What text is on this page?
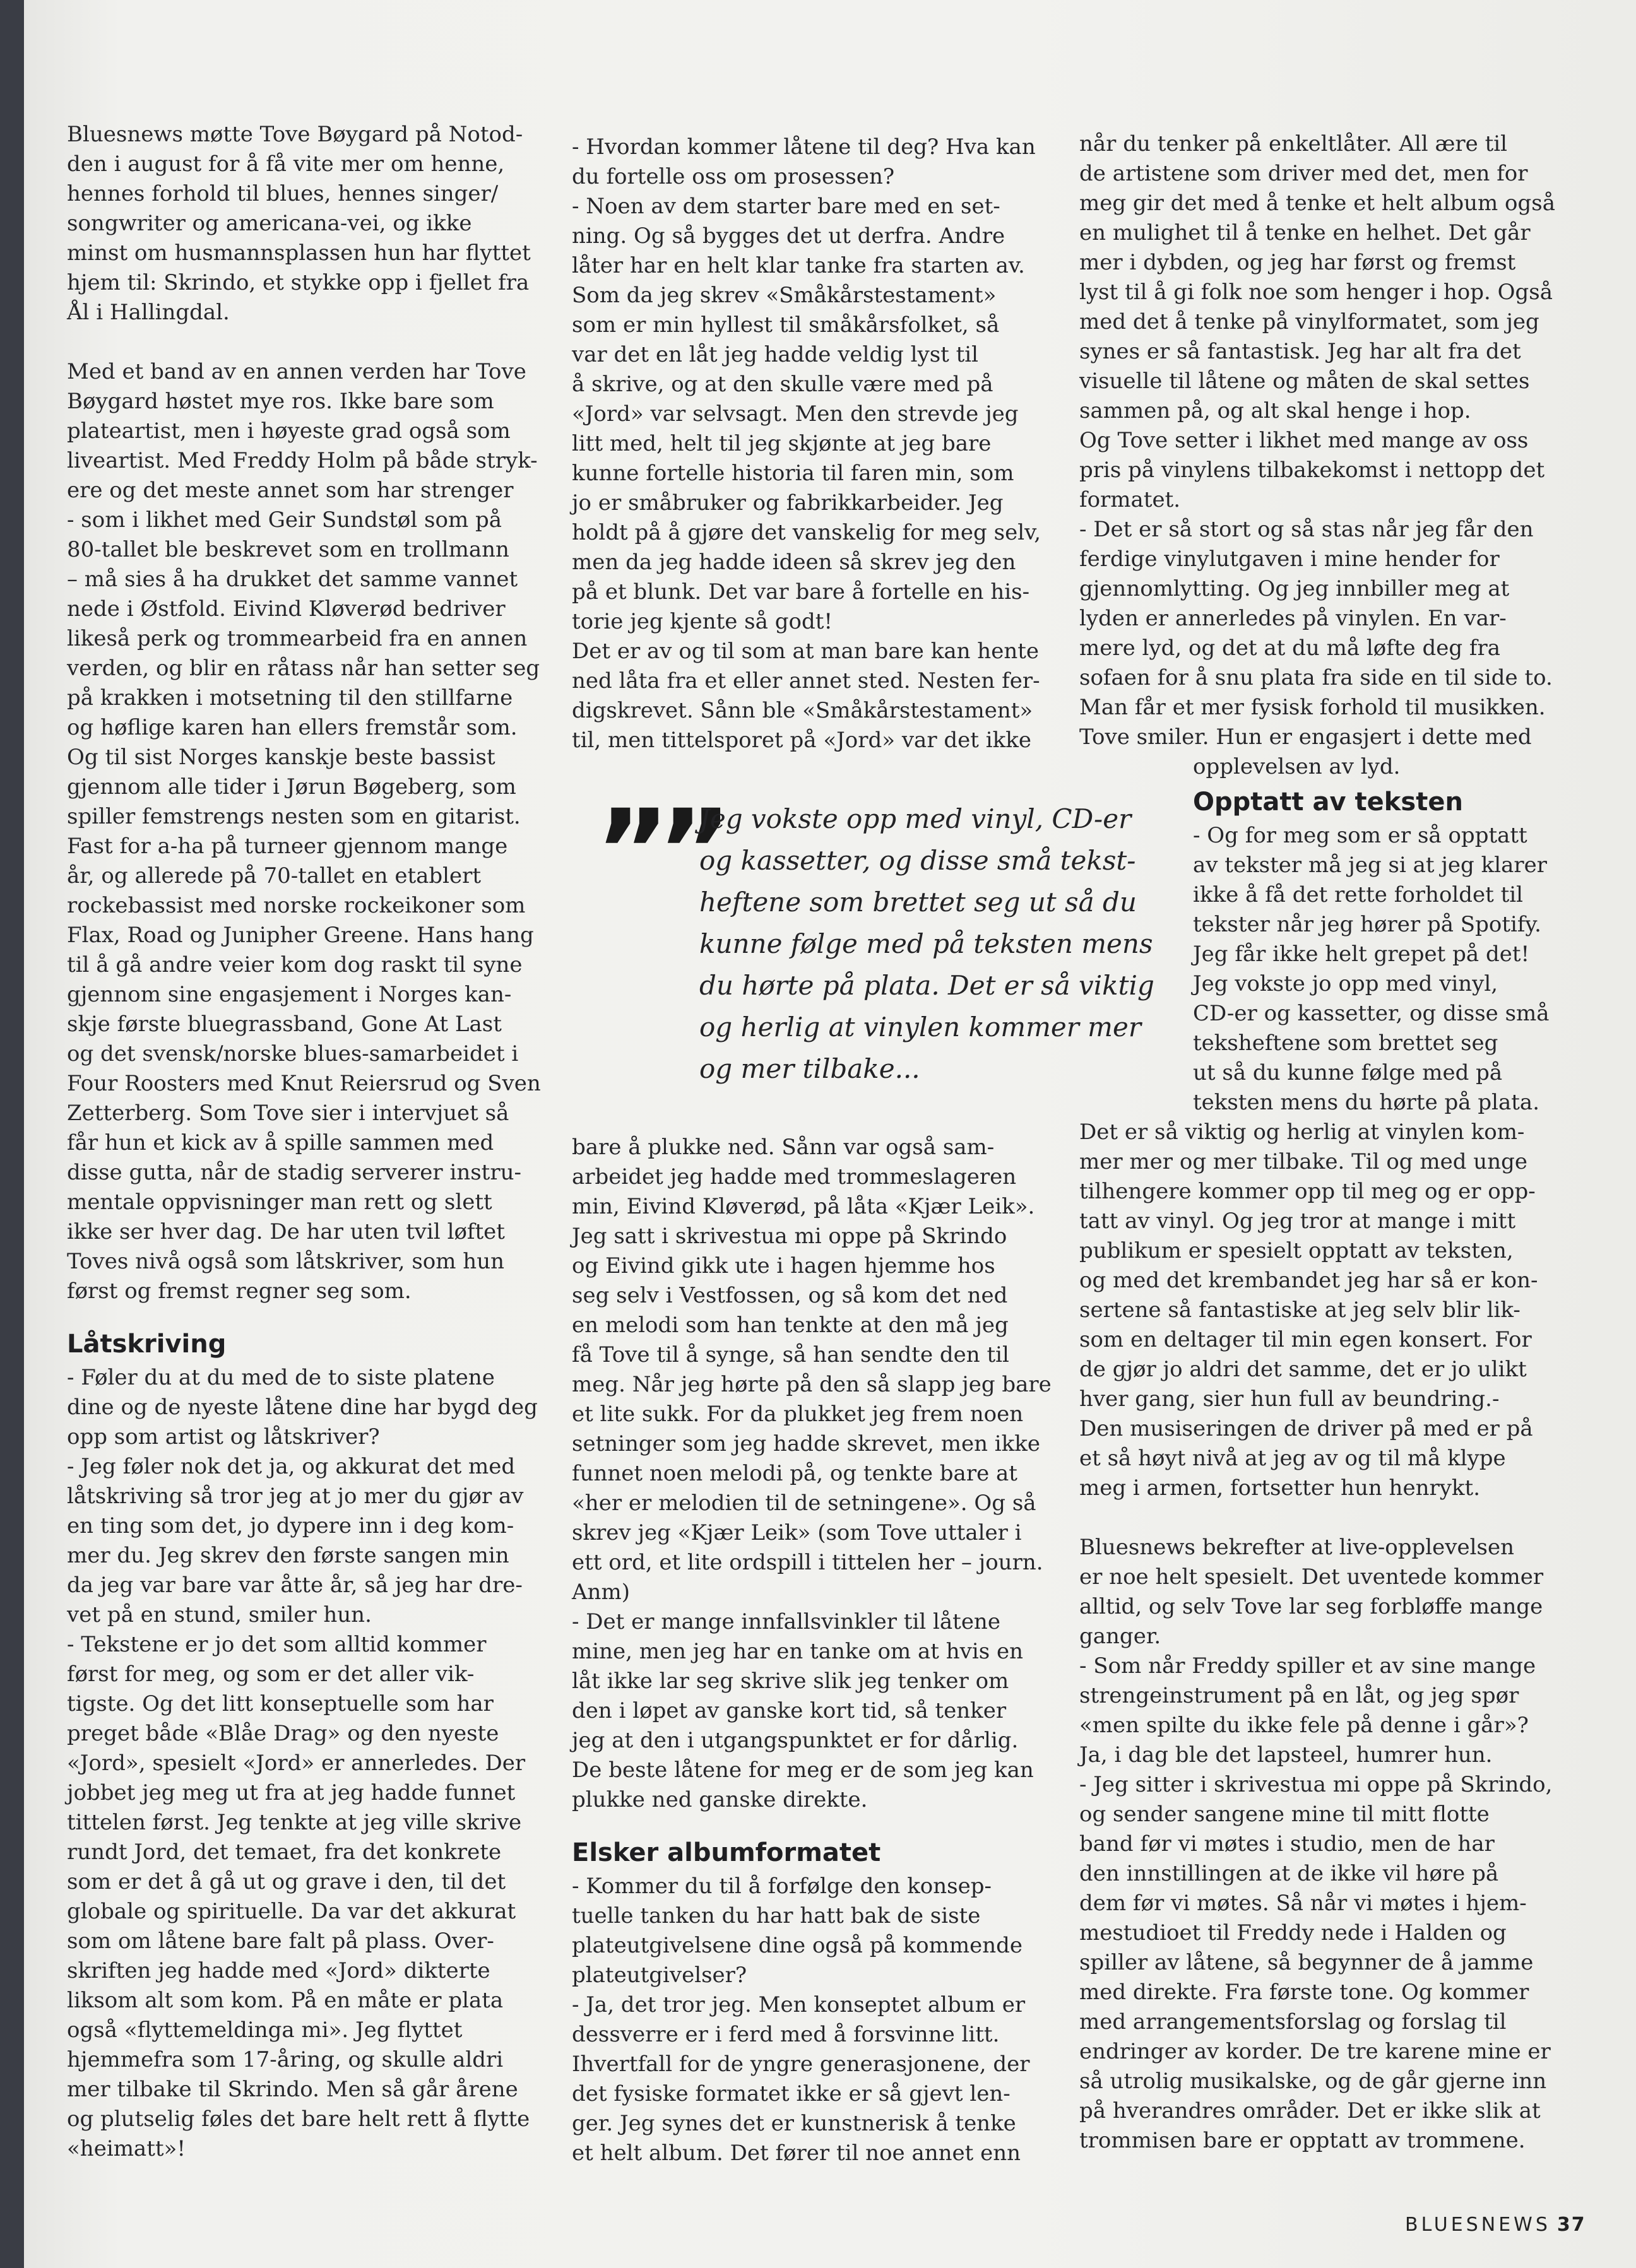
Bluesnews møtte Tove Bøygard på Notod-
den i august for å få vite mer om henne,
hennes forhold til blues, hennes singer/
songwriter og americana-vei, og ikke
minst om husmannsplassen hun har flyttet
hjem til: Skrindo, et stykke opp i fjellet fra
Ål i Hallingdal.

Med et band av en annen verden har Tove
Bøygard høstet mye ros. Ikke bare som
plateartist, men i høyeste grad også som
liveartist. Med Freddy Holm på både stryk-
ere og det meste annet som har strenger
- som i likhet med Geir Sundstøl som på
80-tallet ble beskrevet som en trollmann
– må sies å ha drukket det samme vannet
nede i Østfold. Eivind Kløverød bedriver
likeså perk og trommearbeid fra en annen
verden, og blir en råtass når han setter seg
på krakken i motsetning til den stillfarne
og høflige karen han ellers fremstår som.
Og til sist Norges kanskje beste bassist
gjennom alle tider i Jørun Bøgeberg, som
spiller femstrengs nesten som en gitarist.
Fast for a-ha på turneer gjennom mange
år, og allerede på 70-tallet en etablert
rockebassist med norske rockeikoner som
Flax, Road og Junipher Greene. Hans hang
til å gå andre veier kom dog raskt til syne
gjennom sine engasjement i Norges kan-
skje første bluegrassband, Gone At Last
og det svensk/norske blues-samarbeidet i
Four Roosters med Knut Reiersrud og Sven
Zetterberg. Som Tove sier i intervjuet så
får hun et kick av å spille sammen med
disse gutta, når de stadig serverer instru-
mentale oppvisninger man rett og slett
ikke ser hver dag. De har uten tvil løftet
Toves nivå også som låtskriver, som hun
først og fremst regner seg som.

Låtskriving

- Føler du at du med de to siste platene
dine og de nyeste låtene dine har bygd deg
opp som artist og låtskriver?
- Jeg føler nok det ja, og akkurat det med
låtskriving så tror jeg at jo mer du gjør av
en ting som det, jo dypere inn i deg kom-
mer du. Jeg skrev den første sangen min
da jeg var bare var åtte år, så jeg har dre-
vet på en stund, smiler hun.
- Tekstene er jo det som alltid kommer
først for meg, og som er det aller vik-
tigste. Og det litt konseptuelle som har
preget både «Blåe Drag» og den nyeste
«Jord», spesielt «Jord» er annerledes. Der
jobbet jeg meg ut fra at jeg hadde funnet
tittelen først. Jeg tenkte at jeg ville skrive
rundt Jord, det temaet, fra det konkrete
som er det å gå ut og grave i den, til det
globale og spirituelle. Da var det akkurat
som om låtene bare falt på plass. Over-
skriften jeg hadde med «Jord» dikterte
liksom alt som kom. På en måte er plata
også «flyttemeldinga mi». Jeg flyttet
hjemmefra som 17-åring, og skulle aldri
mer tilbake til Skrindo. Men så går årene
og plutselig føles det bare helt rett å flytte
«heimatt»!

- Hvordan kommer låtene til deg? Hva kan
du fortelle oss om prosessen?
- Noen av dem starter bare med en set-
ning. Og så bygges det ut derfra. Andre
låter har en helt klar tanke fra starten av.
Som da jeg skrev «Småkårstestament»
som er min hyllest til småkårsfolket, så
var det en låt jeg hadde veldig lyst til
å skrive, og at den skulle være med på
«Jord» var selvsagt. Men den strevde jeg
litt med, helt til jeg skjønte at jeg bare
kunne fortelle historia til faren min, som
jo er småbruker og fabrikkarbeider. Jeg
holdt på å gjøre det vanskelig for meg selv,
men da jeg hadde ideen så skrev jeg den
på et blunk. Det var bare å fortelle en his-
torie jeg kjente så godt!
Det er av og til som at man bare kan hente
ned låta fra et eller annet sted. Nesten fer-
digskrevet. Sånn ble «Småkårstestament»
til, men tittelsporet på «Jord» var det ikke

””
Jeg vokste opp med vinyl, CD-er
og kassetter, og disse små tekst-
heftene som brettet seg ut så du
kunne følge med på teksten mens
du hørte på plata. Det er så viktig
og herlig at vinylen kommer mer
og mer tilbake...

bare å plukke ned. Sånn var også sam-
arbeidet jeg hadde med trommeslageren
min, Eivind Kløverød, på låta «Kjær Leik».
Jeg satt i skrivestua mi oppe på Skrindo
og Eivind gikk ute i hagen hjemme hos
seg selv i Vestfossen, og så kom det ned
en melodi som han tenkte at den må jeg
få Tove til å synge, så han sendte den til
meg. Når jeg hørte på den så slapp jeg bare
et lite sukk. For da plukket jeg frem noen
setninger som jeg hadde skrevet, men ikke
funnet noen melodi på, og tenkte bare at
«her er melodien til de setningene». Og så
skrev jeg «Kjær Leik» (som Tove uttaler i
ett ord, et lite ordspill i tittelen her – journ.
Anm)
- Det er mange innfallsvinkler til låtene
mine, men jeg har en tanke om at hvis en
låt ikke lar seg skrive slik jeg tenker om
den i løpet av ganske kort tid, så tenker
jeg at den i utgangspunktet er for dårlig.
De beste låtene for meg er de som jeg kan
plukke ned ganske direkte.

Elsker albumformatet

- Kommer du til å forfølge den konsep-
tuelle tanken du har hatt bak de siste
plateutgivelsene dine også på kommende
plateutgivelser?
- Ja, det tror jeg. Men konseptet album er
dessverre er i ferd med å forsvinne litt.
Ihvertfall for de yngre generasjonene, der
det fysiske formatet ikke er så gjevt len-
ger. Jeg synes det er kunstnerisk å tenke
et helt album. Det fører til noe annet enn

når du tenker på enkeltlåter. All ære til
de artistene som driver med det, men for
meg gir det med å tenke et helt album også
en mulighet til å tenke en helhet. Det går
mer i dybden, og jeg har først og fremst
lyst til å gi folk noe som henger i hop. Også
med det å tenke på vinylformatet, som jeg
synes er så fantastisk. Jeg har alt fra det
visuelle til låtene og måten de skal settes
sammen på, og alt skal henge i hop.
Og Tove setter i likhet med mange av oss
pris på vinylens tilbakekomst i nettopp det
formatet.
- Det er så stort og så stas når jeg får den
ferdige vinylutgaven i mine hender for
gjennomlytting. Og jeg innbiller meg at
lyden er annerledes på vinylen. En var-
mere lyd, og det at du må løfte deg fra
sofaen for å snu plata fra side en til side to.
Man får et mer fysisk forhold til musikken.
Tove smiler. Hun er engasjert i dette med

opplevelsen av lyd.

Opptatt av teksten

- Og for meg som er så opptatt
av tekster må jeg si at jeg klarer
ikke å få det rette forholdet til
tekster når jeg hører på Spotify.
Jeg får ikke helt grepet på det!
Jeg vokste jo opp med vinyl,
CD-er og kassetter, og disse små
teksheftene som brettet seg
ut så du kunne følge med på
teksten mens du hørte på plata.

Det er så viktig og herlig at vinylen kom-
mer mer og mer tilbake. Til og med unge
tilhengere kommer opp til meg og er opp-
tatt av vinyl. Og jeg tror at mange i mitt
publikum er spesielt opptatt av teksten,
og med det krembandet jeg har så er kon-
sertene så fantastiske at jeg selv blir lik-
som en deltager til min egen konsert. For
de gjør jo aldri det samme, det er jo ulikt
hver gang, sier hun full av beundring.-
Den musiseringen de driver på med er på
et så høyt nivå at jeg av og til må klype
meg i armen, fortsetter hun henrykt.

Bluesnews bekrefter at live-opplevelsen
er noe helt spesielt. Det uventede kommer
alltid, og selv Tove lar seg forbløffe mange
ganger.
- Som når Freddy spiller et av sine mange
strengeinstrument på en låt, og jeg spør
«men spilte du ikke fele på denne i går»?
Ja, i dag ble det lapsteel, humrer hun.
- Jeg sitter i skrivestua mi oppe på Skrindo,
og sender sangene mine til mitt flotte
band før vi møtes i studio, men de har
den innstillingen at de ikke vil høre på
dem før vi møtes. Så når vi møtes i hjem-
mestudioet til Freddy nede i Halden og
spiller av låtene, så begynner de å jamme
med direkte. Fra første tone. Og kommer
med arrangementsforslag og forslag til
endringer av korder. De tre karene mine er
så utrolig musikalske, og de går gjerne inn
på hverandres områder. Det er ikke slik at
trommisen bare er opptatt av trommene.

BLUESNEWS 37
